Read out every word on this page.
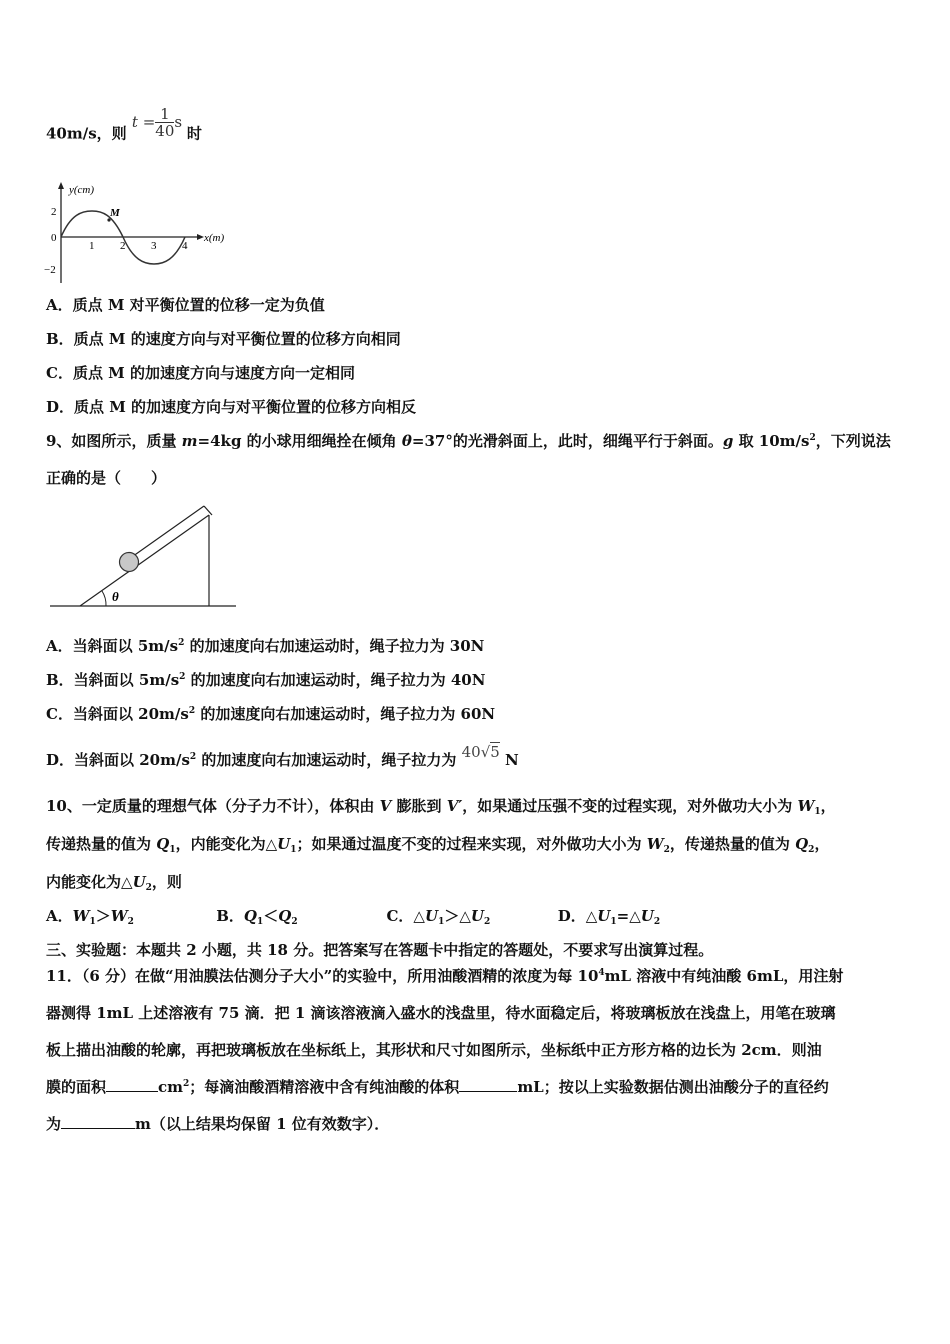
40m/s，则 $t = \frac{1}{40}$ s 时
y(cm)
M
2
0
−2
1 2 3 4
x(m)
A．质点 M 对平衡位置的位移一定为负值
B．质点 M 的速度方向与对平衡位置的位移方向相同
C．质点 M 的加速度方向与速度方向一定相同
D．质点 M 的加速度方向与对平衡位置的位移方向相反
9、如图所示，质量 m=4kg 的小球用细绳拴在倾角 θ=37°的光滑斜面上，此时，细绳平行于斜面。g 取 $10m/s^2$，下列说法
正确的是（　　）
θ
A．当斜面以 $5m/s^2$ 的加速度向右加速运动时，绳子拉力为 30N
B．当斜面以 $5m/s^2$ 的加速度向右加速运动时，绳子拉力为 40N
C．当斜面以 $20m/s^2$ 的加速度向右加速运动时，绳子拉力为 60N
D．当斜面以 $20m/s^2$ 的加速度向右加速运动时，绳子拉力为 40√5 N
10、一定质量的理想气体（分子力不计），体积由 V 膨胀到 V′，如果通过压强不变的过程实现，对外做功大小为 $W_1$，
传递热量的值为 $Q_1$，内能变化为$\triangle U_1$；如果通过温度不变的过程来实现，对外做功大小为 $W_2$，传递热量的值为 $Q_2$，
内能变化为$\triangle U_2$，则
A．$W_1>W_2$	B．$Q_1<Q_2$	C．$\triangle U_1>\triangle U_2$	D．$\triangle U_1=\triangle U_2$
三、实验题：本题共 2 小题，共 18 分。把答案写在答题卡中指定的答题处，不要求写出演算过程。
11．（6 分）在做“用油膜法估测分子大小”的实验中，所用油酸酒精的浓度为每 $10^4mL$ 溶液中有纯油酸 6mL，用注射
器测得 1mL 上述溶液有 75 滴．把 1 滴该溶液滴入盛水的浅盘里，待水面稳定后，将玻璃板放在浅盘上，用笔在玻璃
板上描出油酸的轮廓，再把玻璃板放在坐标纸上，其形状和尺寸如图所示，坐标纸中正方形方格的边长为 2cm．则油
膜的面积	$cm^2$；每滴油酸酒精溶液中含有纯油酸的体积	mL；按以上实验数据估测出油酸分子的直径约
为	m（以上结果均保留 1 位有效数字）．
